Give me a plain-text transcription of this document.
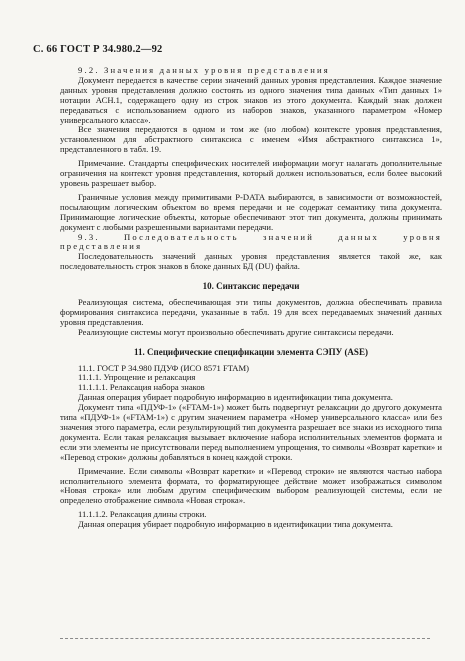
С. 66 ГОСТ Р 34.980.2—92

9.2. Значения данных уровня представления

Документ передается в качестве серии значений данных уровня представления. Каждое значение данных уровня представления должно состоять из одного значения типа данных «Тип данных 1» нотации АСН.1, содержащего одну из строк знаков из этого документа. Каждый знак должен передаваться с использованием одного из наборов знаков, указанного параметром «Номер универсального класса».

Все значения передаются в одном и том же (но любом) контексте уровня представления, установленном для абстрактного синтаксиса с именем «Имя абстрактного синтаксиса 1», представленного в табл. 19.

Примечание. Стандарты специфических носителей информации могут налагать дополнительные ограничения на контекст уровня представления, который должен использоваться, если более высокий уровень разрешает выбор.

Граничные условия между примитивами P-DATA выбираются, в зависимости от возможностей, посылающим логическим объектом во время передачи и не содержат семантику типа документа. Принимающие логические объекты, которые обеспечивают этот тип документа, должны принимать документ с любыми разрешенными вариантами передачи.

9.3. Последовательность значений данных уровня представления

Последовательность значений данных уровня представления является такой же, как последовательность строк знаков в блоке данных БД (DU) файла.

10. Синтаксис передачи

Реализующая система, обеспечивающая эти типы документов, должна обеспечивать правила формирования синтаксиса передачи, указанные в табл. 19 для всех передаваемых значений данных уровня представления.

Реализующие системы могут произвольно обеспечивать другие синтаксисы передачи.

11. Специфические спецификации элемента СЭПУ (ASE)

11.1. ГОСТ Р 34.980 ПДУФ (ИСО 8571 FTAM)

11.1.1. Упрощение и релаксация

11.1.1.1. Релаксация набора знаков

Данная операция убирает подробную информацию в идентификации типа документа.

Документ типа «ПДУФ-1» («FTAM-1») может быть подвергнут релаксации до другого документа типа «ПДУФ-1» («FTAM-1») с другим значением параметра «Номер универсального класса» или без значения этого параметра, если результирующий тип документа разрешает все знаки из исходного типа документа. Если такая релаксация вызывает включение набора исполнительных элементов формата и если эти элементы не присутствовали перед выполнением упрощения, то символы «Возврат каретки» и «Перевод строки» должны добавляться в конец каждой строки.

Примечание. Если символы «Возврат каретки» и «Перевод строки» не являются частью набора исполнительного элемента формата, то форматирующее действие может изображаться символом «Новая строка» или любым другим специфическим выбором реализующей системы, если не определено отображение символа «Новая строка».

11.1.1.2. Релаксация длины строки.

Данная операция убирает подробную информацию в идентификации типа документа.
